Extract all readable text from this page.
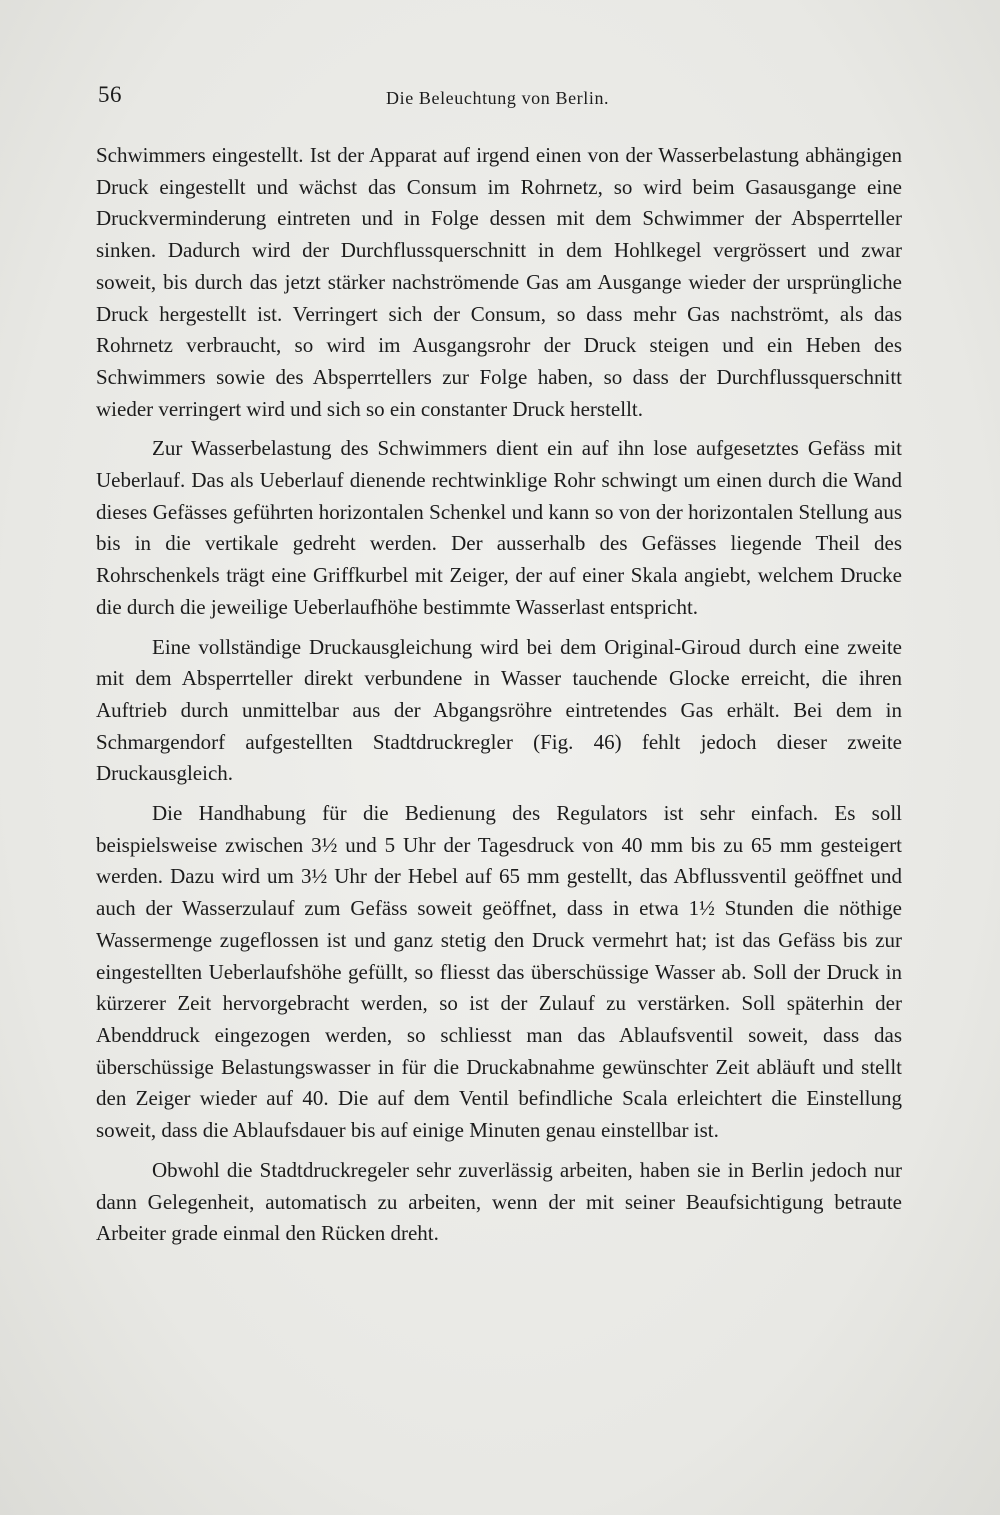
56	Die Beleuchtung von Berlin.

Schwimmers eingestellt. Ist der Apparat auf irgend einen von der Wasserbelastung abhängigen Druck eingestellt und wächst das Consum im Rohrnetz, so wird beim Gasausgange eine Druckverminderung eintreten und in Folge dessen mit dem Schwimmer der Absperrteller sinken. Dadurch wird der Durchflussquerschnitt in dem Hohlkegel vergrössert und zwar soweit, bis durch das jetzt stärker nachströmende Gas am Ausgange wieder der ursprüngliche Druck hergestellt ist. Verringert sich der Consum, so dass mehr Gas nachströmt, als das Rohrnetz verbraucht, so wird im Ausgangsrohr der Druck steigen und ein Heben des Schwimmers sowie des Absperrtellers zur Folge haben, so dass der Durchflussquerschnitt wieder verringert wird und sich so ein constanter Druck herstellt.

Zur Wasserbelastung des Schwimmers dient ein auf ihn lose aufgesetztes Gefäss mit Ueberlauf. Das als Ueberlauf dienende rechtwinklige Rohr schwingt um einen durch die Wand dieses Gefässes geführten horizontalen Schenkel und kann so von der horizontalen Stellung aus bis in die vertikale gedreht werden. Der ausserhalb des Gefässes liegende Theil des Rohrschenkels trägt eine Griffkurbel mit Zeiger, der auf einer Skala angiebt, welchem Drucke die durch die jeweilige Ueberlaufhöhe bestimmte Wasserlast entspricht.

Eine vollständige Druckausgleichung wird bei dem Original-Giroud durch eine zweite mit dem Absperrteller direkt verbundene in Wasser tauchende Glocke erreicht, die ihren Auftrieb durch unmittelbar aus der Abgangsröhre eintretendes Gas erhält. Bei dem in Schmargendorf aufgestellten Stadtdruckregler (Fig. 46) fehlt jedoch dieser zweite Druckausgleich.

Die Handhabung für die Bedienung des Regulators ist sehr einfach. Es soll beispielsweise zwischen 3½ und 5 Uhr der Tagesdruck von 40 mm bis zu 65 mm gesteigert werden. Dazu wird um 3½ Uhr der Hebel auf 65 mm gestellt, das Abflussventil geöffnet und auch der Wasserzulauf zum Gefäss soweit geöffnet, dass in etwa 1½ Stunden die nöthige Wassermenge zugeflossen ist und ganz stetig den Druck vermehrt hat; ist das Gefäss bis zur eingestellten Ueberlaufshöhe gefüllt, so fliesst das überschüssige Wasser ab. Soll der Druck in kürzerer Zeit hervorgebracht werden, so ist der Zulauf zu verstärken. Soll späterhin der Abenddruck eingezogen werden, so schliesst man das Ablaufsventil soweit, dass das überschüssige Belastungswasser in für die Druckabnahme gewünschter Zeit abläuft und stellt den Zeiger wieder auf 40. Die auf dem Ventil befindliche Scala erleichtert die Einstellung soweit, dass die Ablaufsdauer bis auf einige Minuten genau einstellbar ist.

Obwohl die Stadtdruckregeler sehr zuverlässig arbeiten, haben sie in Berlin jedoch nur dann Gelegenheit, automatisch zu arbeiten, wenn der mit seiner Beaufsichtigung betraute Arbeiter grade einmal den Rücken dreht.
